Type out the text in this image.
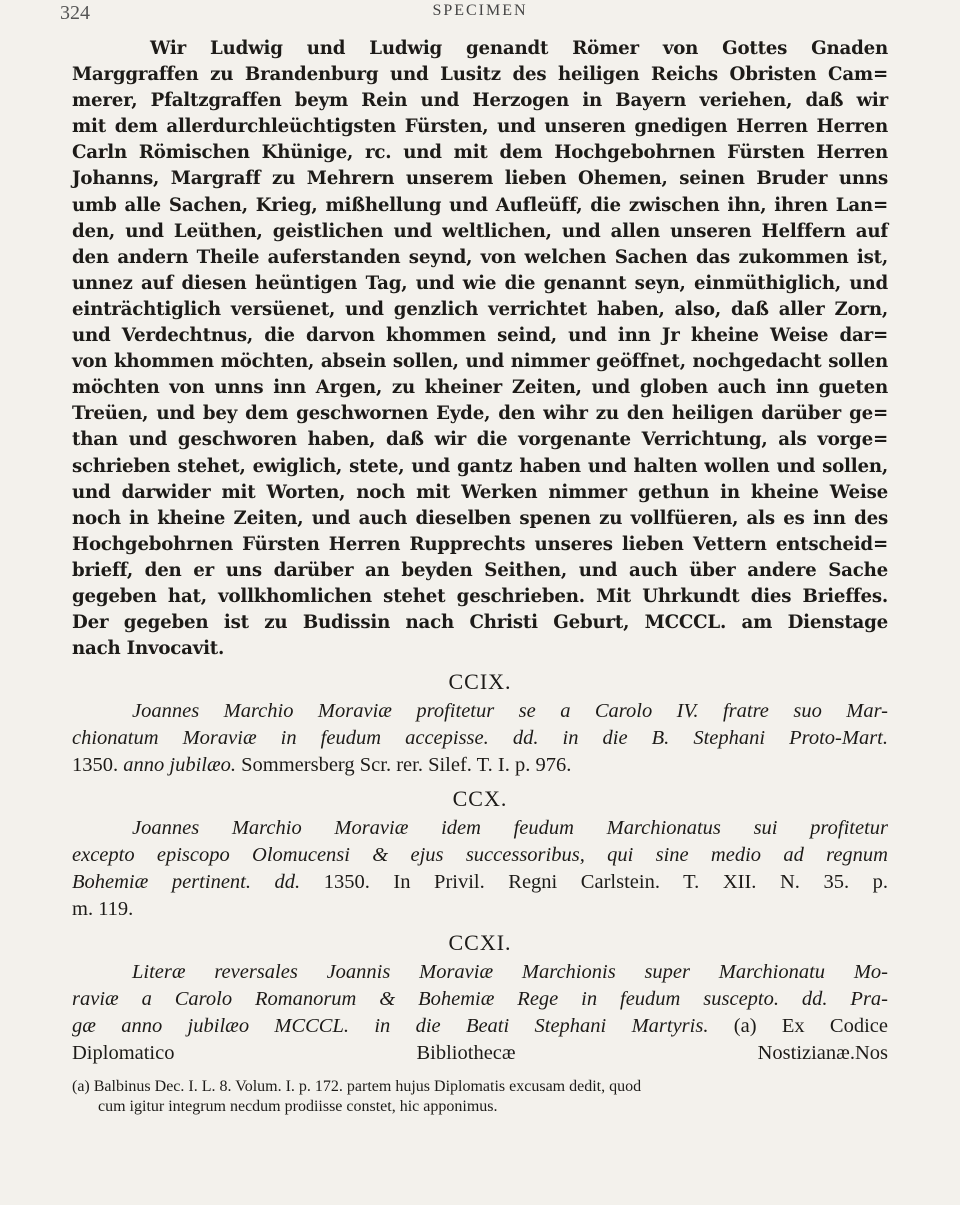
324	SPECIMEN
Wir Ludwig und Ludwig genandt Römer von Gottes Gnaden
Marggraffen zu Brandenburg und Lusitz des heiligen Reichs Obristen Cam=
merer, Pfaltzgraffen beym Rein und Herzogen in Bayern veriehen, daß wir
mit dem allerdurchleüchtigsten Fürsten, und unseren gnedigen Herren Herren
Carln Römischen Khünige, rc. und mit dem Hochgebohrnen Fürsten Herren
Johanns, Margraff zu Mehrern unserem lieben Ohemen, seinen Bruder unns
umb alle Sachen, Krieg, mißhellung und Aufleüff, die zwischen ihn, ihren Lan=
den, und Leüthen, geistlichen und weltlichen, und allen unseren Helffern auf
den andern Theile auferstanden seynd, von welchen Sachen das zukommen ist,
unnez auf diesen heüntigen Tag, und wie die genannt seyn, einmüthiglich, und
einträchtiglich versüenet, und genzlich verrichtet haben, also, daß aller Zorn,
und Verdechtnus, die darvon khommen seind, und inn Jr kheine Weise dar=
von khommen möchten, absein sollen, und nimmer geöffnet, nochgedacht sollen
möchten von unns inn Argen, zu kheiner Zeiten, und globen auch inn gueten
Treüen, und bey dem geschwornen Eyde, den wihr zu den heiligen darüber ge=
than und geschworen haben, daß wir die vorgenante Verrichtung, als vorge=
schrieben stehet, ewiglich, stete, und gantz haben und halten wollen und sollen,
und darwider mit Worten, noch mit Werken nimmer gethun in kheine Weise
noch in kheine Zeiten, und auch dieselben spenen zu vollfüeren, als es inn des
Hochgebohrnen Fürsten Herren Rupprechts unseres lieben Vettern entscheid=
brieff, den er uns darüber an beyden Seithen, und auch über andere Sache
gegeben hat, vollkhomlichen stehet geschrieben. Mit Uhrkundt dies Brieffes.
Der gegeben ist zu Budissin nach Christi Geburt, MCCCL. am Dienstage
nach Invocavit.
CCIX.
Joannes Marchio Moraviæ profitetur se a Carolo IV. fratre suo Mar-
chionatum Moraviæ in feudum accepisse. dd. in die B. Stephani Proto-Mart.
1350. anno jubilæo. Sommersberg Scr. rer. Silef. T. I. p. 976.
CCX.
Joannes Marchio Moraviæ idem feudum Marchionatus sui profitetur
excepto episcopo Olomucensi & ejus successoribus, qui sine medio ad regnum
Bohemiæ pertinent. dd. 1350. In Privil. Regni Carlstein. T. XII. N. 35. p.
m. 119.
CCXI.
Literæ reversales Joannis Moraviæ Marchionis super Marchionatu Mo-
raviæ a Carolo Romanorum & Bohemiæ Rege in feudum suscepto. dd. Pra-
gæ anno jubilæo MCCCL. in die Beati Stephani Martyris. (a) Ex Codice
Diplomatico Bibliothecæ Nostizianæ. Nos
(a) Balbinus Dec. I. L. 8. Volum. I. p. 172. partem hujus Diplomatis excusam dedit, quod
cum igitur integrum necdum prodiisse constet, hic apponimus.
